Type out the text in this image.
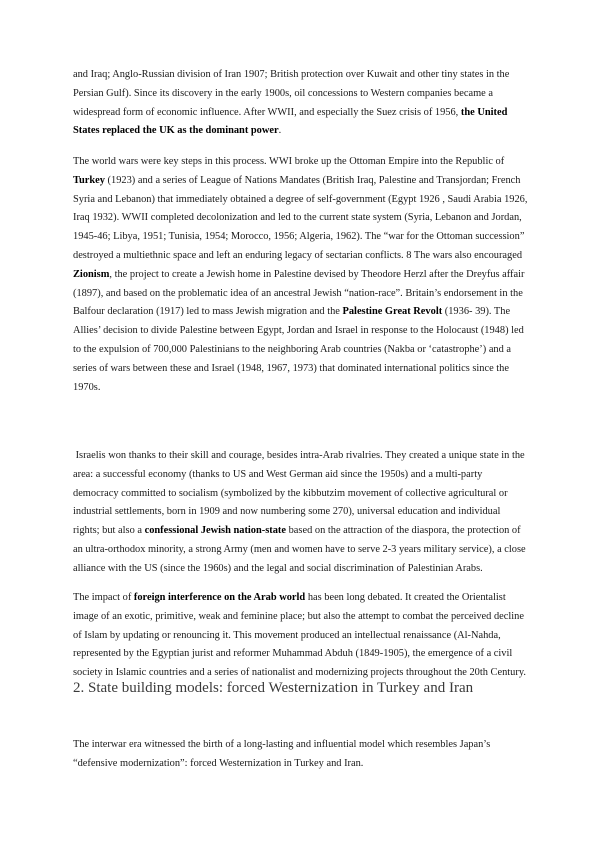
and Iraq; Anglo-Russian division of Iran 1907; British protection over Kuwait and other tiny states in the Persian Gulf). Since its discovery in the early 1900s, oil concessions to Western companies became a widespread form of economic influence. After WWII, and especially the Suez crisis of 1956, the United States replaced the UK as the dominant power.

The world wars were key steps in this process. WWI broke up the Ottoman Empire into the Republic of Turkey (1923) and a series of League of Nations Mandates (British Iraq, Palestine and Transjordan; French Syria and Lebanon) that immediately obtained a degree of self-government (Egypt 1926 , Saudi Arabia 1926, Iraq 1932). WWII completed decolonization and led to the current state system (Syria, Lebanon and Jordan, 1945-46; Libya, 1951; Tunisia, 1954; Morocco, 1956; Algeria, 1962). The “war for the Ottoman succession” destroyed a multiethnic space and left an enduring legacy of sectarian conflicts. 8 The wars also encouraged Zionism, the project to create a Jewish home in Palestine devised by Theodore Herzl after the Dreyfus affair (1897), and based on the problematic idea of an ancestral Jewish “nation-race”. Britain’s endorsement in the Balfour declaration (1917) led to mass Jewish migration and the Palestine Great Revolt (1936- 39). The Allies’ decision to divide Palestine between Egypt, Jordan and Israel in response to the Holocaust (1948) led to the expulsion of 700,000 Palestinians to the neighboring Arab countries (Nakba or ‘catastrophe’) and a series of wars between these and Israel (1948, 1967, 1973) that dominated international politics since the 1970s.

Israelis won thanks to their skill and courage, besides intra-Arab rivalries. They created a unique state in the area: a successful economy (thanks to US and West German aid since the 1950s) and a multi-party democracy committed to socialism (symbolized by the kibbutzim movement of collective agricultural or industrial settlements, born in 1909 and now numbering some 270), universal education and individual rights; but also a confessional Jewish nation-state based on the attraction of the diaspora, the protection of an ultra-orthodox minority, a strong Army (men and women have to serve 2-3 years military service), a close alliance with the US (since the 1960s) and the legal and social discrimination of Palestinian Arabs.

The impact of foreign interference on the Arab world has been long debated. It created the Orientalist image of an exotic, primitive, weak and feminine place; but also the attempt to combat the perceived decline of Islam by updating or renouncing it. This movement produced an intellectual renaissance (Al-Nahda, represented by the Egyptian jurist and reformer Muhammad Abduh (1849-1905), the emergence of a civil society in Islamic countries and a series of nationalist and modernizing projects throughout the 20th Century.

2. State building models: forced Westernization in Turkey and Iran

The interwar era witnessed the birth of a long-lasting and influential model which resembles Japan’s “defensive modernization”: forced Westernization in Turkey and Iran.
